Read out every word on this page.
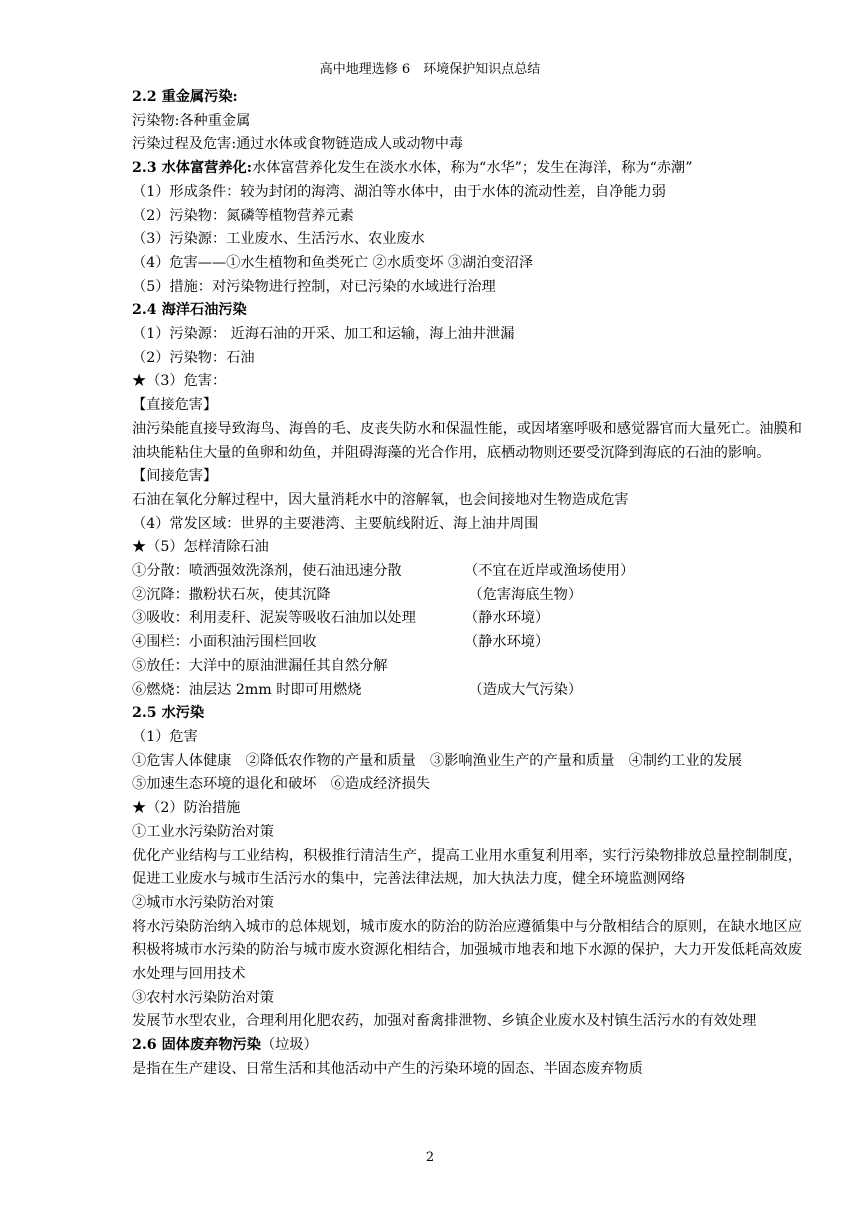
高中地理选修 6　环境保护知识点总结
2.2 重金属污染:
污染物:各种重金属
污染过程及危害:通过水体或食物链造成人或动物中毒
2.3 水体富营养化:水体富营养化发生在淡水水体，称为“水华”；发生在海洋，称为“赤潮”
（1）形成条件：较为封闭的海湾、湖泊等水体中，由于水体的流动性差，自净能力弱
（2）污染物：氮磷等植物营养元素
（3）污染源：工业废水、生活污水、农业废水
（4）危害——①水生植物和鱼类死亡 ②水质变坏 ③湖泊变沼泽
（5）措施：对污染物进行控制，对已污染的水域进行治理
2.4 海洋石油污染
（1）污染源： 近海石油的开采、加工和运输，海上油井泄漏
（2）污染物：石油
★（3）危害：
【直接危害】
油污染能直接导致海鸟、海兽的毛、皮丧失防水和保温性能，或因堵塞呼吸和感觉器官而大量死亡。油膜和油块能粘住大量的鱼卵和幼鱼，并阻碍海藻的光合作用，底栖动物则还要受沉降到海底的石油的影响。
【间接危害】
石油在氧化分解过程中，因大量消耗水中的溶解氧，也会间接地对生物造成危害
（4）常发区域：世界的主要港湾、主要航线附近、海上油井周围
★（5）怎样清除石油
①分散：喷洒强效洗涤剂，使石油迅速分散	（不宜在近岸或渔场使用）
②沉降：撒粉状石灰，使其沉降	（危害海底生物）
③吸收：利用麦秆、泥炭等吸收石油加以处理	（静水环境）
④围栏：小面积油污围栏回收	（静水环境）
⑤放任：大洋中的原油泄漏任其自然分解
⑥燃烧：油层达 2mm 时即可用燃烧	（造成大气污染）
2.5 水污染
（1）危害
①危害人体健康　②降低农作物的产量和质量　③影响渔业生产的产量和质量　④制约工业的发展
⑤加速生态环境的退化和破坏　⑥造成经济损失
★（2）防治措施
①工业水污染防治对策
优化产业结构与工业结构，积极推行清洁生产，提高工业用水重复利用率，实行污染物排放总量控制制度，促进工业废水与城市生活污水的集中，完善法律法规，加大执法力度，健全环境监测网络
②城市水污染防治对策
将水污染防治纳入城市的总体规划，城市废水的防治的防治应遵循集中与分散相结合的原则，在缺水地区应积极将城市水污染的防治与城市废水资源化相结合，加强城市地表和地下水源的保护，大力开发低耗高效废水处理与回用技术
③农村水污染防治对策
发展节水型农业，合理利用化肥农药，加强对畜禽排泄物、乡镇企业废水及村镇生活污水的有效处理
2.6 固体废弃物污染（垃圾）
是指在生产建设、日常生活和其他活动中产生的污染环境的固态、半固态废弃物质
2
